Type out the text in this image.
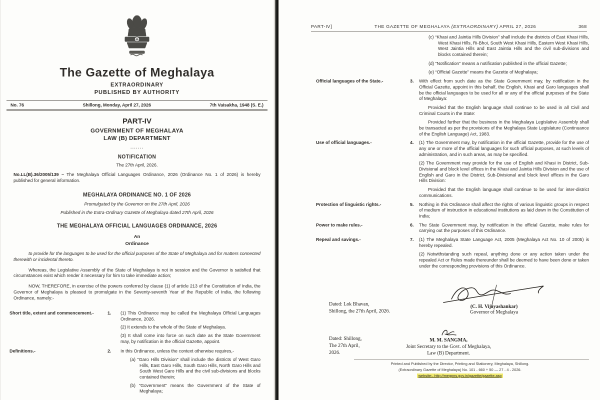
The Gazette of Meghalaya
EXTRAORDINARY
PUBLISHED BY AUTHORITY
No. 76	Shillong, Monday, April 27, 2026	7th Vaisakha, 1948 (S. E.)
PART-IV
GOVERNMENT OF MEGHALAYA
LAW (B) DEPARTMENT
.......
NOTIFICATION
The 27th April, 2026.

No.LL(B).36/2005/139 – The Meghalaya Official Languages Ordinance, 2026 (Ordinance No. 1 of 2026) is hereby published for general information.

MEGHALAYA ORDINANCE NO. 1 OF 2026
Promulgated by the Governor on the 27th April, 2026
Published in the Extra-Ordinary Gazette of Meghalaya dated 27th April, 2026
THE MEGHALAYA OFFICIAL LANGUAGES ORDINANCE, 2026
An
Ordinance

to provide for the languages to be used for the official purposes of the State of Meghalaya and for matters connected therewith or incidental thereto.

Whereas, the Legislative Assembly of the State of Meghalaya is not in session and the Governor is satisfied that circumstances exist which render it necessary for him to take immediate action;

NOW, THEREFORE, in exercise of the powers conferred by clause (1) of article 213 of the Constitution of India, the Governor of Meghalaya is pleased to promulgate in the Seventy-seventh Year of the Republic of India, the following Ordinance, namely:-

Short title, extent and commencement.-	1.	(1) This Ordinance may be called the Meghalaya Official Languages Ordinance, 2026.
(2) It extends to the whole of the State of Meghalaya.
(3) It shall come into force on such date as the State Government may, by notification in the official Gazette, appoint.
Definitions.-	2.	In this Ordinance, unless the context otherwise requires,-
(a) “Garo Hills Division” shall include the districts of West Garo Hills, East Garo Hills, South Garo Hills, North Garo Hills and South West Garo Hills and the civil sub-divisions and blocks contained therein;
(b) “Government” means the Government of the State of Meghalaya;
PART-IV]	THE GAZETTE OF MEGHALAYA (EXTRAORDINARY) APRIL 27, 2026	368
(c) “Khasi and Jaintia Hills Division” shall include the districts of East Khasi Hills, West Khasi Hills, Ri-Bhoi, South West Khasi Hills, Eastern West Khasi Hills, West Jaintia Hills and East Jaintia Hills and the civil sub-divisions and blocks contained therein;
(d) “Notification” means a notification published in the official Gazette;
(e) “Official Gazette” means the Gazette of Meghalaya;
Official languages of the State.-	3. With effect from such date as the State Government may, by notification in the Official Gazette, appoint in this behalf, the English, Khasi and Garo languages shall be the official languages to be used for all or any of the official purposes of the State of Meghalaya:
Provided that the English language shall continue to be used in all Civil and Criminal Courts in the State:
Provided further that the business in the Meghalaya Legislative Assembly shall be transacted as per the provisions of the Meghalaya State Legislature (Continuance of the English Language) Act, 1983.
Use of official languages.-	4. (1) The Government may, by notification in the official Gazette, provide for the use of any one or more of the official languages for such official purposes, at such levels of administration, and in such areas, as may be specified.
(2) The Government may provide for the use of English and Khasi in District, Sub-Divisional and block level offices in the Khasi and Jaintia Hills Division and the use of English and Garo in the District, Sub-Divisional and block level offices in the Garo Hills Division:
Provided that the English language shall continue to be used for inter-district communications.
Protection of linguistic rights.-	5. Nothing in this Ordinance shall affect the rights of various linguistic groups in respect of medium of instruction in educational institutions as laid down in the Constitution of India;
Power to make rules.-	6. The State Government may, by notification in the official Gazette, make rules for carrying out the purposes of this Ordinance.
Repeal and savings.-	7. (1) The Meghalaya State Language Act, 2005 (Meghalaya Act No. 10 of 2005) is hereby repealed.
(2) Notwithstanding such repeal, anything done or any action taken under the repealed Act or Rules made thereunder shall be deemed to have been done or taken under the corresponding provisions of this Ordinance.
Dated: Lok Bhavan,
Shillong, the 27th April, 2026.
(C. H. Vijayashankar)
Governor of Meghalaya
Dated: Shillong,
The 27th April, 2026.
M. M. SANGMA,
Joint Secretary to the Govt. of Meghalaya,
Law (B) Department.
Printed and Published by the Director, Printing and Stationery, Meghalaya, Shillong.
(Extraordinary Gazette of Meghalaya) No. 101 - 660 + 50 — 27 - 4 - 2026.
website:- http://megpns.gov.in/gazette/gazette.asp
